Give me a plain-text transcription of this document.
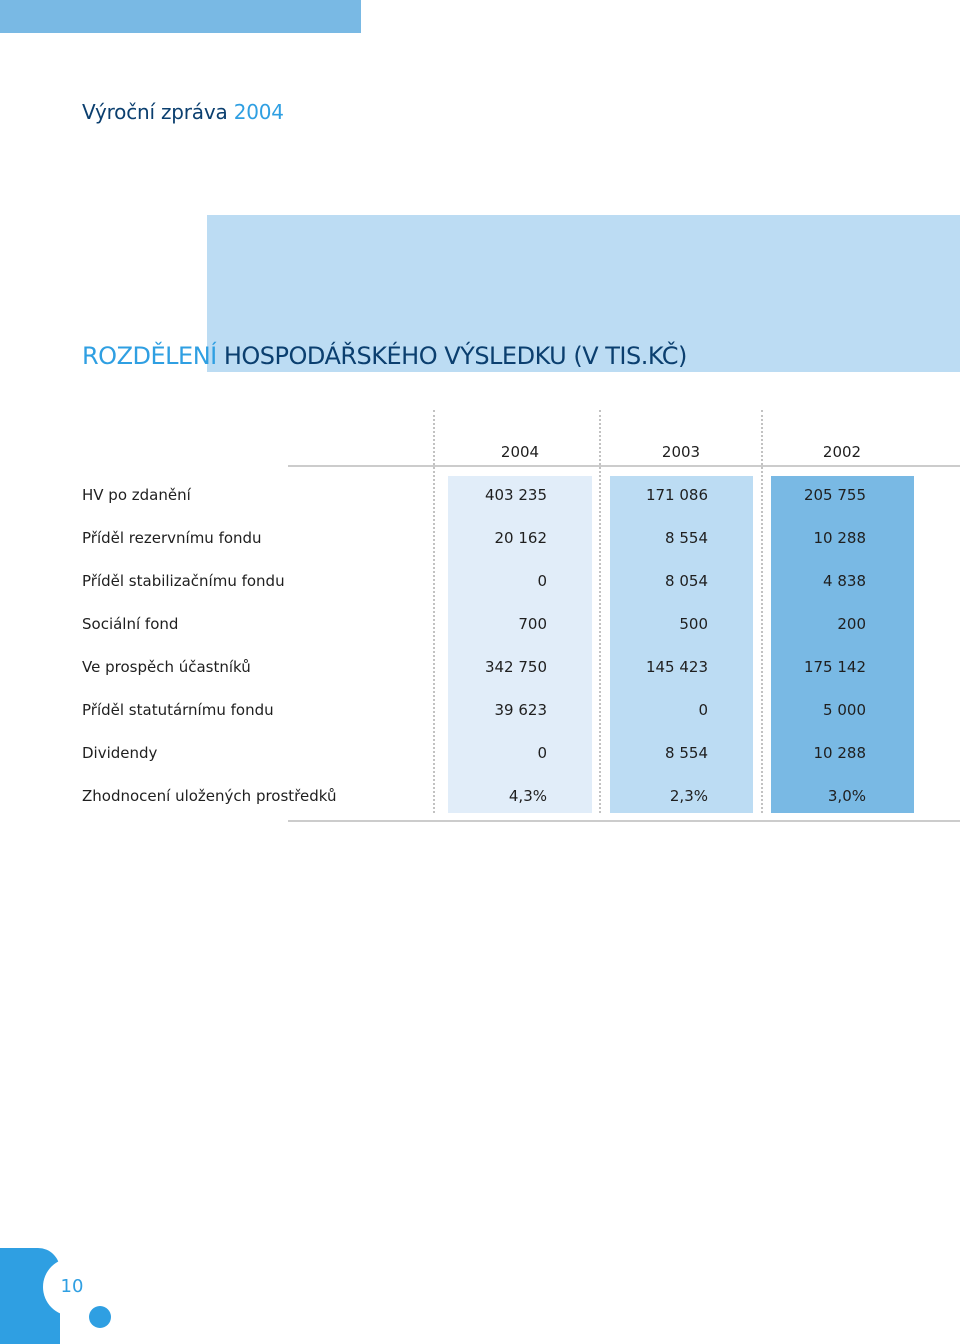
Výroční zpráva 2004
ROZDĚLENÍ HOSPODÁŘSKÉHO VÝSLEDKU (V TIS.KČ)
2004	2003	2002
HV po zdanění	403 235	171 086	205 755
Příděl rezervnímu fondu	20 162	8 554	10 288
Příděl stabilizačnímu fondu	0	8 054	4 838
Sociální fond	700	500	200
Ve prospěch účastníků	342 750	145 423	175 142
Příděl statutárnímu fondu	39 623	0	5 000
Dividendy	0	8 554	10 288
Zhodnocení uložených prostředků	4,3%	2,3%	3,0%
10
